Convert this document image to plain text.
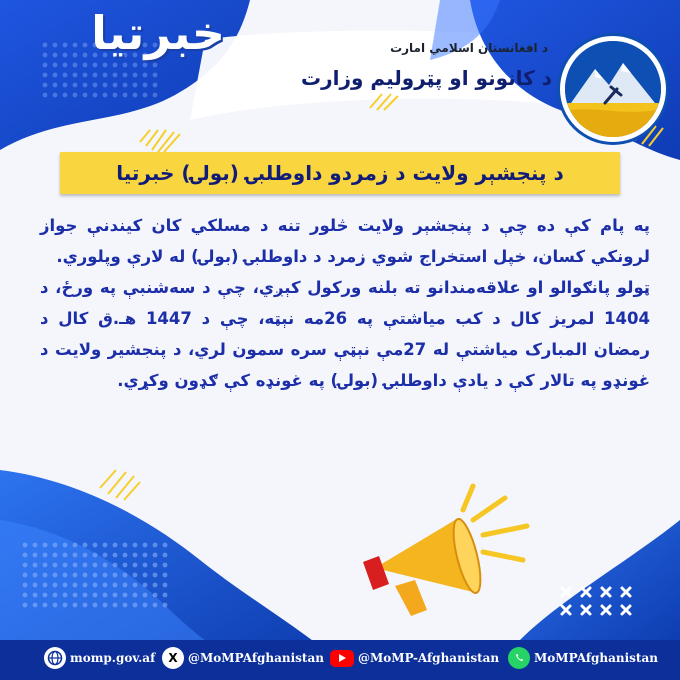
خبرتیا	د افغانستان اسلامي امارت
د کانونو او پټرولیم وزارت
د پنجشېر ولایت د زمردو داوطلبۍ (بولۍ) خبرتیا

په پام کې ده چې د پنجشېر ولایت څلور تنه د مسلکي کان کیندنې جواز لرونکي کسان، خپل استخراج شوي زمرد د داوطلبۍ (بولۍ) له لارې وپلوري.

ټولو پانګوالو او علاقه‌مندانو ته بلنه ورکول کېږي، چې د سه‌شنبې په ورځ، د 1404 لمریز کال د کب میاشتې په 26مه نېټه، چې د 1447 هـ.ق کال د رمضان المبارک میاشتې له 27مې نېټې سره سمون لري، د پنجشیر ولایت د غونډو په تالار کې د یادې داوطلبۍ (بولۍ) په غونډه کې ګډون وکړي.

momp.gov.af	X @MoMPAfghanistan	@MoMP-Afghanistan	MoMPAfghanistan
